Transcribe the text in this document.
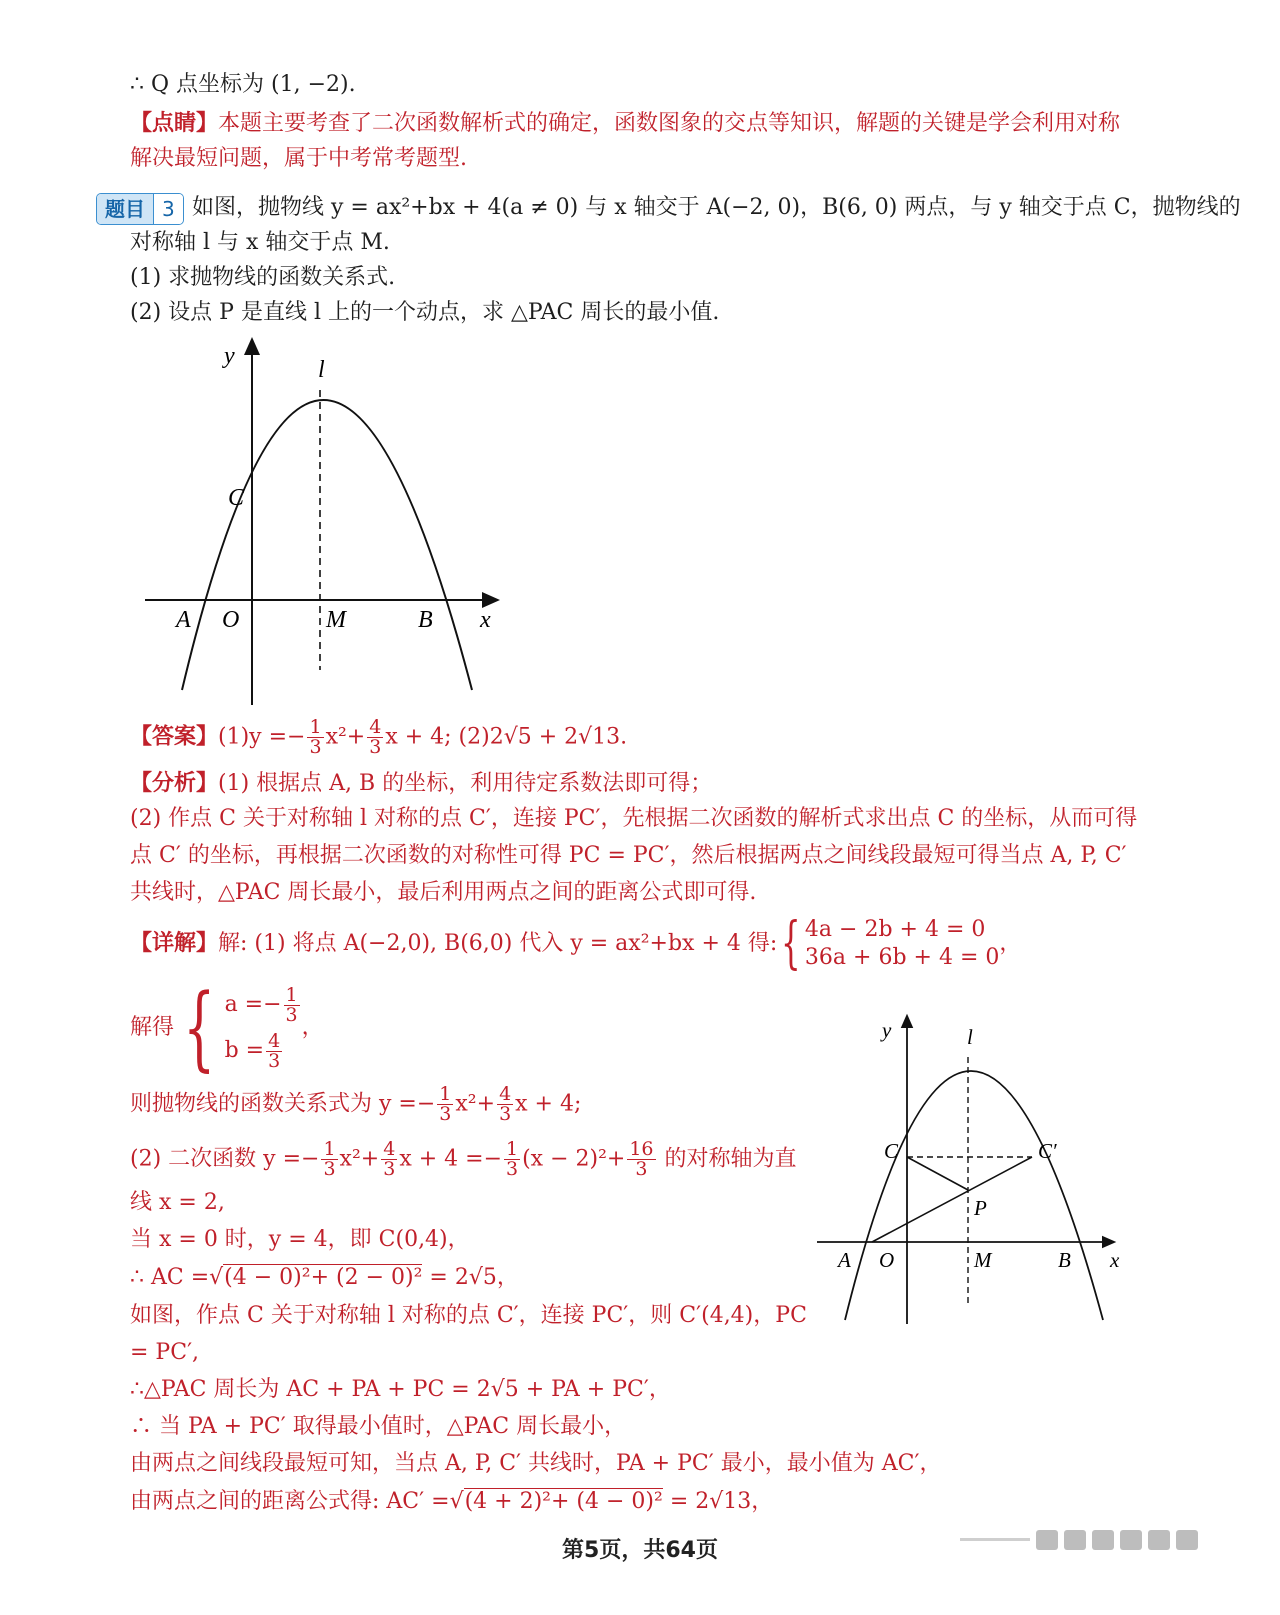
∴ Q 点坐标为 (1, −2).
【点睛】本题主要考查了二次函数解析式的确定，函数图象的交点等知识，解题的关键是学会利用对称
解决最短问题，属于中考常考题型.
题目 3 如图，抛物线 y = ax²+bx + 4(a ≠ 0) 与 x 轴交于 A(−2, 0)，B(6, 0) 两点，与 y 轴交于点 C，抛物线的
对称轴 l 与 x 轴交于点 M.
(1) 求抛物线的函数关系式.
(2) 设点 P 是直线 l 上的一个动点，求 △PAC 周长的最小值.
y
l
C
A O	M	B x
【答案】$(1)y =- \frac{1}{3} x^2+ \frac{4}{3}$ x + 4; (2)2√5 + 2√13.
【分析】(1) 根据点 A, B 的坐标，利用待定系数法即可得；
(2) 作点 C 关于对称轴 l 对称的点 C′，连接 PC′，先根据二次函数的解析式求出点 C 的坐标，从而可得
点 C′ 的坐标，再根据二次函数的对称性可得 PC = PC′，然后根据两点之间线段最短可得当点 A, P, C′
共线时，△PAC 周长最小，最后利用两点之间的距离公式即可得.
【详解】解: (1) 将点 A(−2,0), B(6,0) 代入 y = ax²+bx + 4 得:{ 4a − 2b + 4 = 0
36a + 6b + 4 = 0
，
解得{ $a =- \frac{1}{3}$
$b = \frac{4}{3}$
，
则抛物线的函数关系式为 $y =- \frac{1}{3} x^2+ \frac{4}{3}$ x + 4;
(2) 二次函数 $y =- \frac{1}{3} x^2+ \frac{4}{3}$ $x + 4 =- \frac{1}{3} (x - 2)^2+ \frac{16}{3}$ 的对称轴为直
线 x = 2,
当 x = 0 时，y = 4，即 C(0,4)，
∴ AC =√(4 − 0)²+ (2 − 0)² = 2√5，
如图，作点 C 关于对称轴 l 对称的点 C′，连接 PC′，则 C′(4,4)，PC
= PC′,
∴△PAC 周长为 AC + PA + PC = 2√5 + PA + PC′，
∴ 当 PA + PC′ 取得最小值时，△PAC 周长最小，
由两点之间线段最短可知，当点 A, P, C′ 共线时，PA + PC′ 最小，最小值为 AC′，
由两点之间的距离公式得: AC′ =√(4 + 2)²+ (4 − 0)² = 2√13，
y	l
C	C′
P
A O	M	B x
第5页，共64页
